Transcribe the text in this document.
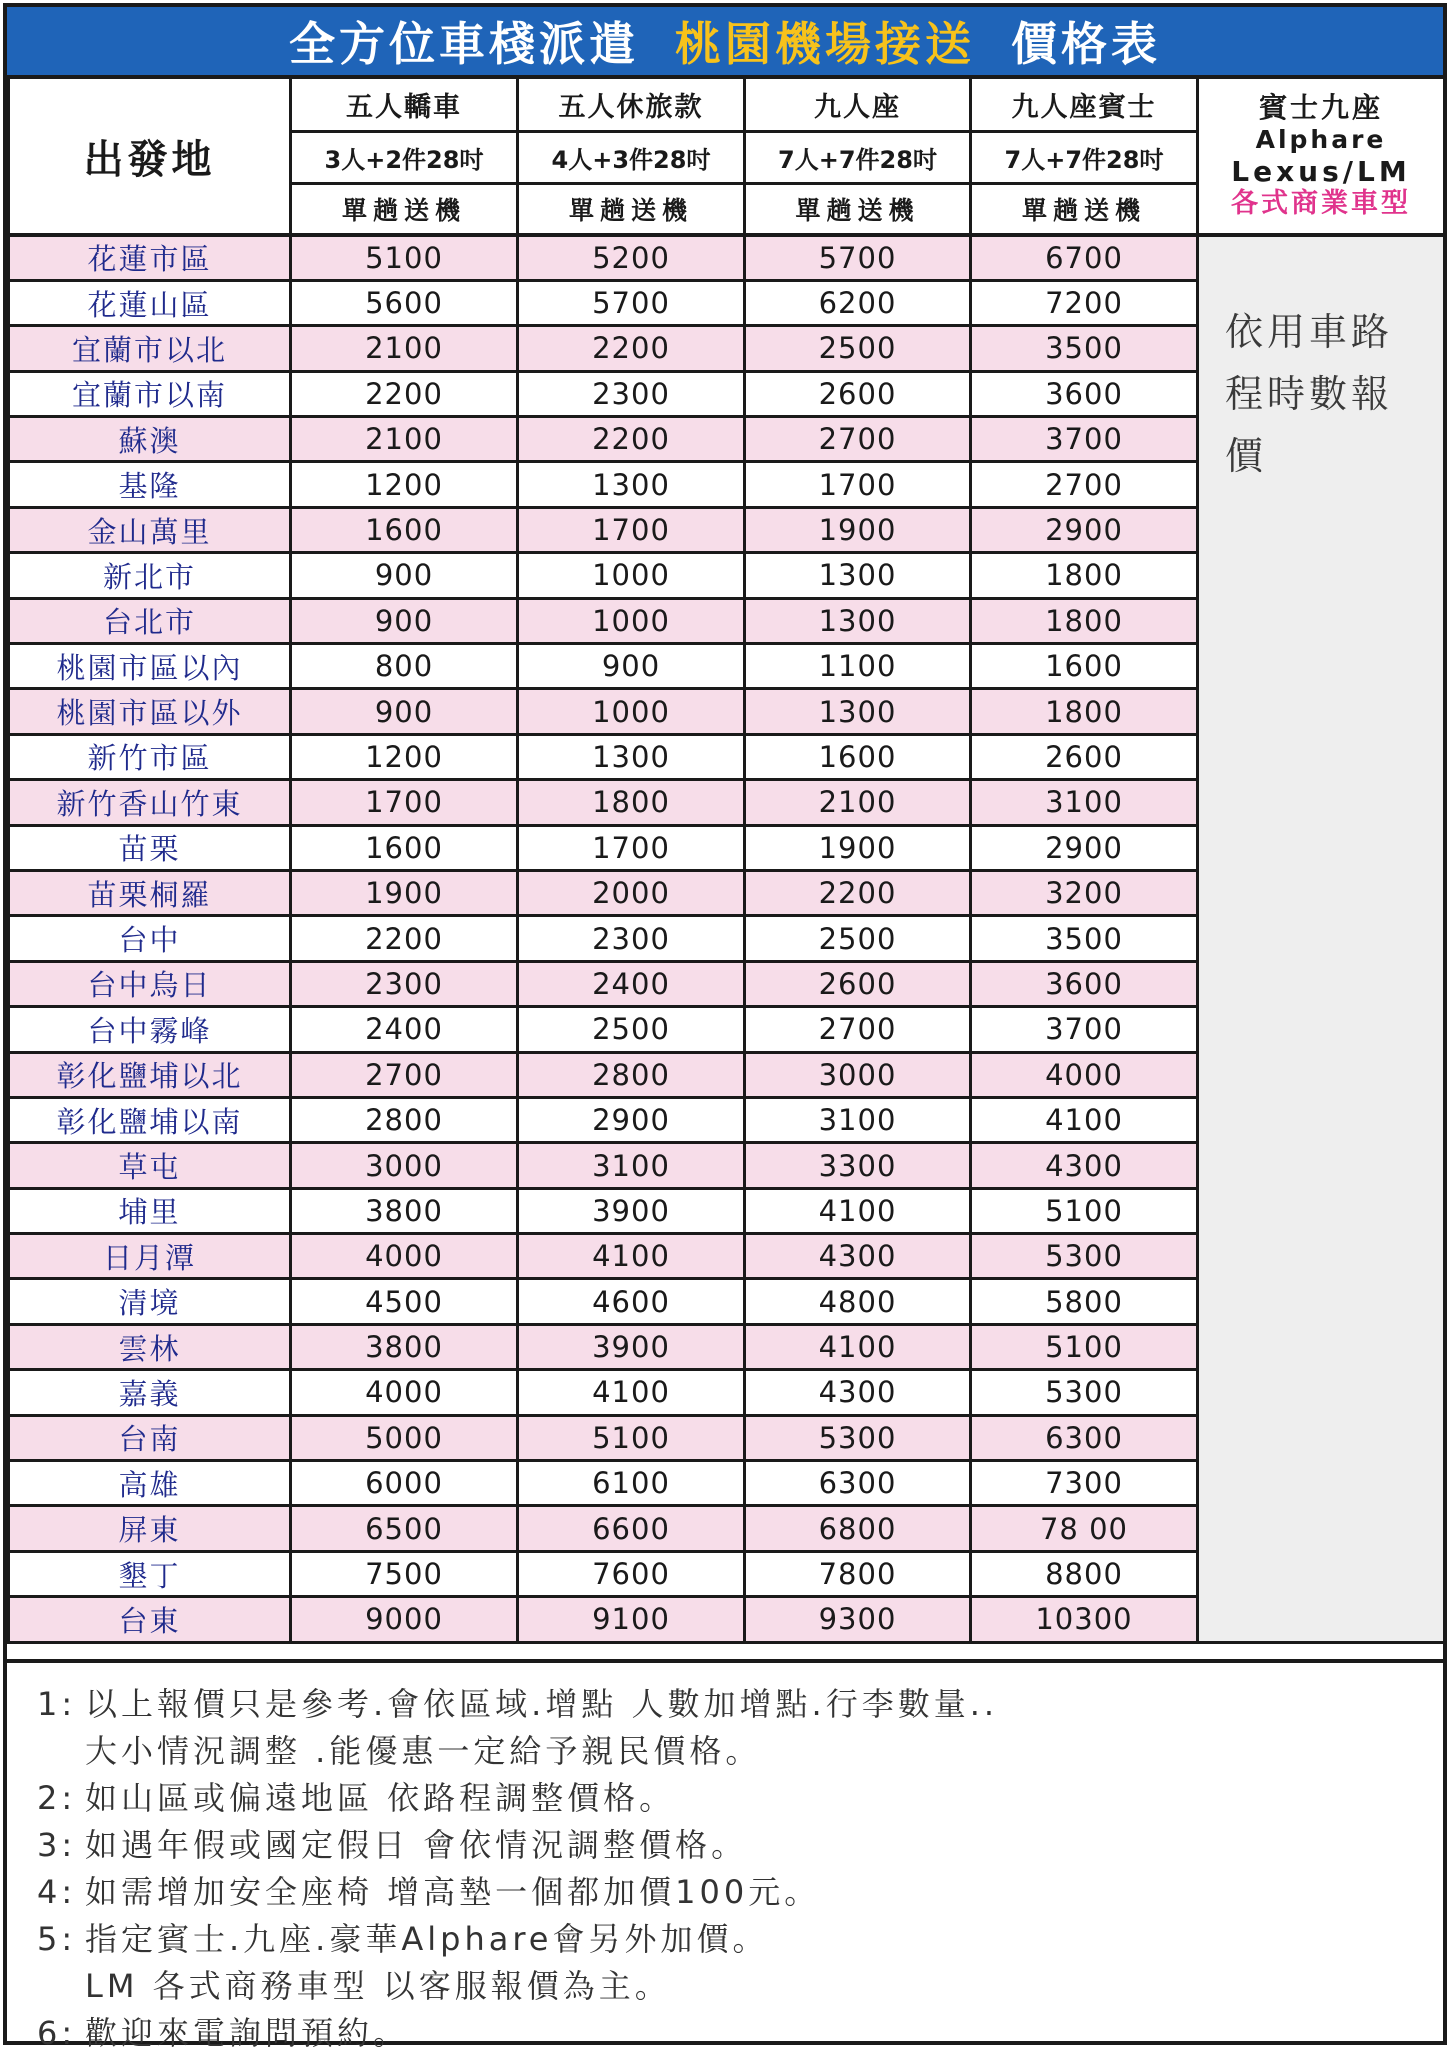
全方位車棧派遣 桃園機場接送 價格表
出發地	五人轎車	五人休旅款	九人座	九人座賓士	賓士九座
Alphare
Lexus/LM
各式商業車型

	3人+2件28吋	4人+3件28吋	7人+7件28吋	7人+7件28吋	
	單趟送機	單趟送機	單趟送機	單趟送機	
花蓮市區	5100	5200	5700	6700	依用車路程時數報價

花蓮山區	5600	5700	6200	7200	
宜蘭市以北	2100	2200	2500	3500	
宜蘭市以南	2200	2300	2600	3600	
蘇澳	2100	2200	2700	3700	
基隆	1200	1300	1700	2700	
金山萬里	1600	1700	1900	2900	
新北市	900	1000	1300	1800	
台北市	900	1000	1300	1800	
桃園市區以內	800	900	1100	1600	
桃園市區以外	900	1000	1300	1800	
新竹市區	1200	1300	1600	2600	
新竹香山竹東	1700	1800	2100	3100	
苗栗	1600	1700	1900	2900	
苗栗桐羅	1900	2000	2200	3200	
台中	2200	2300	2500	3500	
台中烏日	2300	2400	2600	3600	
台中霧峰	2400	2500	2700	3700	
彰化鹽埔以北	2700	2800	3000	4000	
彰化鹽埔以南	2800	2900	3100	4100	
草屯	3000	3100	3300	4300	
埔里	3800	3900	4100	5100	
日月潭	4000	4100	4300	5300	
清境	4500	4600	4800	5800	
雲林	3800	3900	4100	5100	
嘉義	4000	4100	4300	5300	
台南	5000	5100	5300	6300	
高雄	6000	6100	6300	7300	
屏東	6500	6600	6800	78 00	
墾丁	7500	7600	7800	8800	
台東	9000	9100	9300	10300	
1: 以上報價只是參考.會依區域.增點 人數加增點.行李數量..
大小情況調整 .能優惠一定給予親民價格。
2: 如山區或偏遠地區 依路程調整價格。
3: 如遇年假或國定假日 會依情況調整價格。
4: 如需增加安全座椅 增高墊一個都加價100元。
5: 指定賓士.九座.豪華Alphare會另外加價。
LM 各式商務車型 以客服報價為主。
6: 歡迎來電詢問預約。
